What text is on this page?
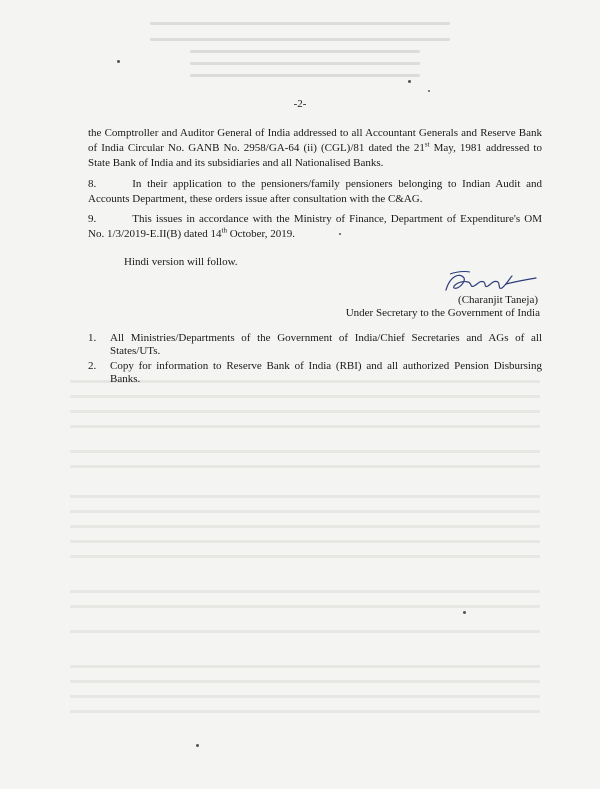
-2-

the Comptroller and Auditor General of India addressed to all Accountant Generals and Reserve Bank of India Circular No. GANB No. 2958/GA-64 (ii) (CGL)/81 dated the 21st May, 1981 addressed to State Bank of India and its subsidiaries and all Nationalised Banks.

8.	In their application to the pensioners/family pensioners belonging to Indian Audit and Accounts Department, these orders issue after consultation with the C&AG.

9.	This issues in accordance with the Ministry of Finance, Department of Expenditure's OM No. 1/3/2019-E.II(B) dated 14th October, 2019.

Hindi version will follow.
(Charanjit Taneja)
Under Secretary to the Government of India
1. All Ministries/Departments of the Government of India/Chief Secretaries and AGs of all States/UTs.
2. Copy for information to Reserve Bank of India (RBI) and all authorized Pension Disbursing Banks.
